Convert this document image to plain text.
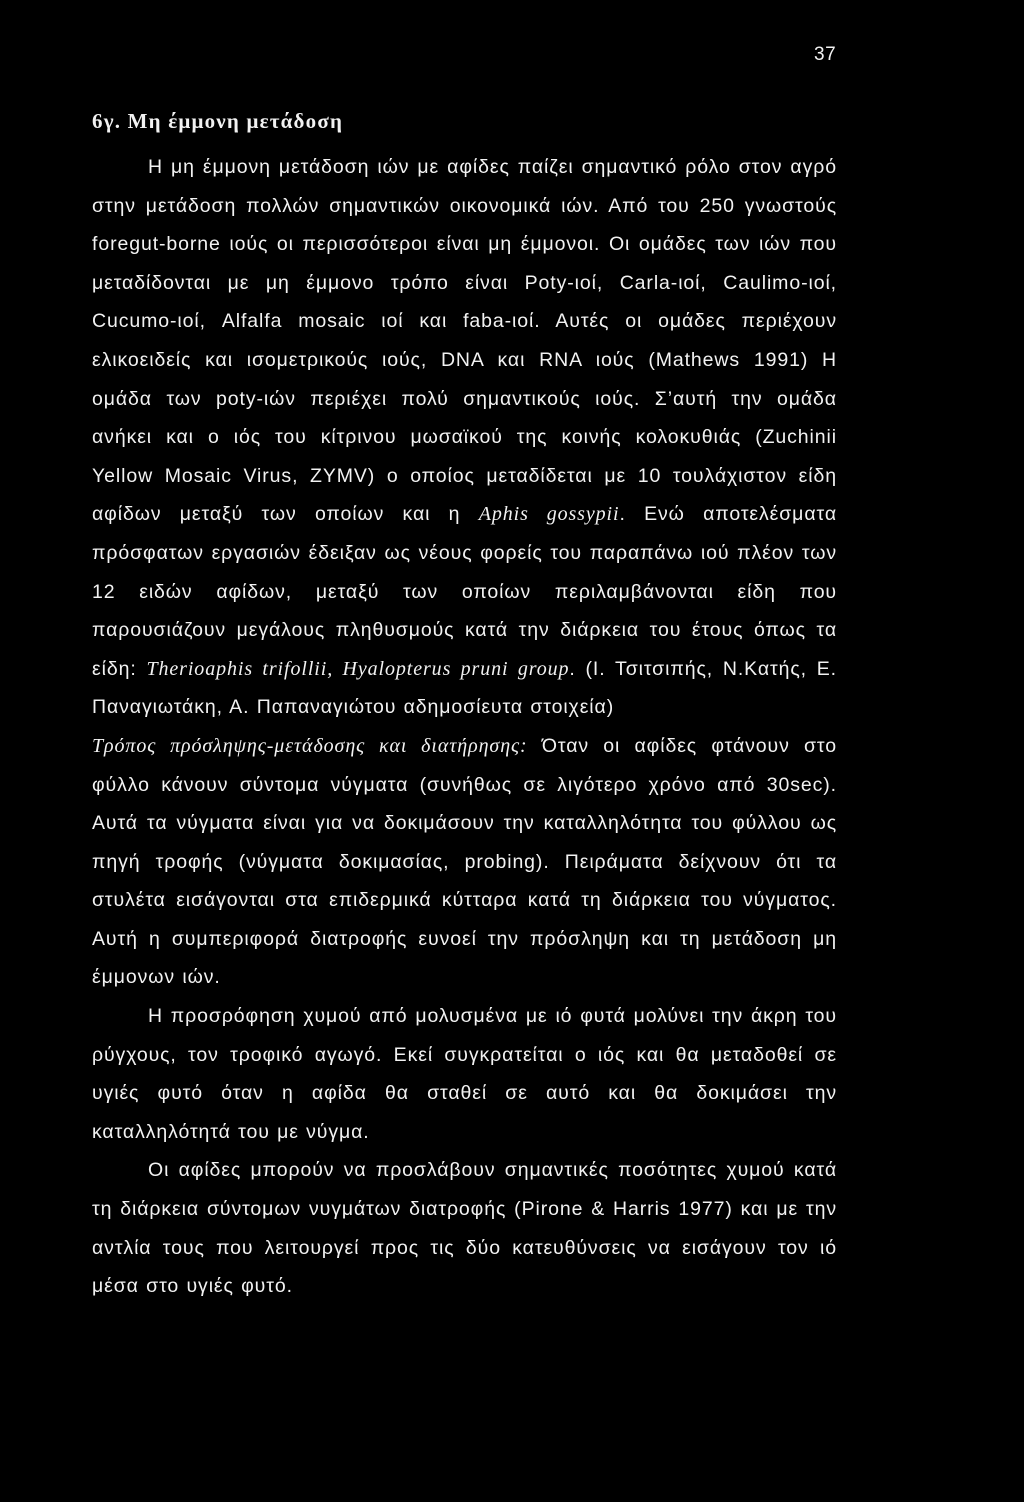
37
6γ. Μη έμμονη μετάδοση

Η μη έμμονη μετάδοση ιών με αφίδες παίζει σημαντικό ρόλο στον αγρό στην μετάδοση πολλών σημαντικών οικονομικά ιών. Από του 250 γνωστούς foregut-borne ιούς οι περισσότεροι είναι μη έμμονοι. Οι ομάδες των ιών που μεταδίδονται με μη έμμονο τρόπο είναι Poty-ιοί, Carla-ιοί, Caulimo-ιοί, Cucumo-ιοί, Alfalfa mosaic ιοί και faba-ιοί. Αυτές οι ομάδες περιέχουν ελικοειδείς και ισομετρικούς ιούς, DNA και RNA ιούς (Mathews 1991) Η ομάδα των poty-ιών περιέχει πολύ σημαντικούς ιούς. Σ’αυτή την ομάδα ανήκει και ο ιός του κίτρινου μωσαϊκού της κοινής κολοκυθιάς (Zuchinii Yellow Mosaic Virus, ZYMV) ο οποίος μεταδίδεται με 10 τουλάχιστον είδη αφίδων μεταξύ των οποίων και η Aphis gossypii. Ενώ αποτελέσματα πρόσφατων εργασιών έδειξαν ως νέους φορείς του παραπάνω ιού πλέον των 12 ειδών αφίδων, μεταξύ των οποίων περιλαμβάνονται είδη που παρουσιάζουν μεγάλους πληθυσμούς κατά την διάρκεια του έτους όπως τα είδη: Therioaphis trifollii, Hyalopterus pruni group. (Ι. Τσιτσιπής, Ν.Κατής, Ε. Παναγιωτάκη, Α. Παπαναγιώτου αδημοσίευτα στοιχεία)

Τρόπος πρόσληψης-μετάδοσης και διατήρησης: Όταν οι αφίδες φτάνουν στο φύλλο κάνουν σύντομα νύγματα (συνήθως σε λιγότερο χρόνο από 30sec). Αυτά τα νύγματα είναι για να δοκιμάσουν την καταλληλότητα του φύλλου ως πηγή τροφής (νύγματα δοκιμασίας, probing). Πειράματα δείχνουν ότι τα στυλέτα εισάγονται στα επιδερμικά κύτταρα κατά τη διάρκεια του νύγματος. Αυτή η συμπεριφορά διατροφής ευνοεί την πρόσληψη και τη μετάδοση μη έμμονων ιών.

Η προσρόφηση χυμού από μολυσμένα με ιό φυτά μολύνει την άκρη του ρύγχους, τον τροφικό αγωγό. Εκεί συγκρατείται ο ιός και θα μεταδοθεί σε υγιές φυτό όταν η αφίδα θα σταθεί σε αυτό και θα δοκιμάσει την καταλληλότητά του με νύγμα.

Οι αφίδες μπορούν να προσλάβουν σημαντικές ποσότητες χυμού κατά τη διάρκεια σύντομων νυγμάτων διατροφής (Pirone & Harris 1977) και με την αντλία τους που λειτουργεί προς τις δύο κατευθύνσεις να εισάγουν τον ιό μέσα στο υγιές φυτό.
